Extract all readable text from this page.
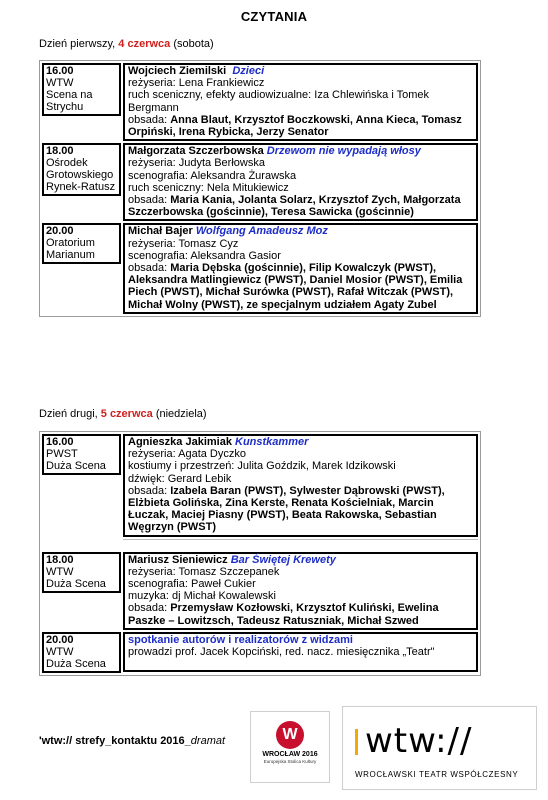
CZYTANIA
Dzień pierwszy, 4 czerwca (sobota)
16.00
WTW
Scena na
Strychu
Wojciech Ziemilski Dzieci
reżyseria: Lena Frankiewicz
ruch sceniczny, efekty audiowizualne: Iza Chlewińska i Tomek Bergmann
obsada: Anna Blaut, Krzysztof Boczkowski, Anna Kieca, Tomasz Orpiński, Irena Rybicka, Jerzy Senator
18.00
Ośrodek
Grotowskiego
Rynek-Ratusz
Małgorzata Szczerbowska Drzewom nie wypadają włosy
reżyseria: Judyta Berłowska
scenografia: Aleksandra Żurawska
ruch sceniczny: Nela Mitukiewicz
obsada: Maria Kania, Jolanta Solarz, Krzysztof Zych, Małgorzata Szczerbowska (gościnnie), Teresa Sawicka (gościnnie)
20.00
Oratorium
Marianum
Michał Bajer Wolfgang Amadeusz Moz
reżyseria: Tomasz Cyz
scenografia: Aleksandra Gasior
obsada: Maria Dębska (gościnnie), Filip Kowalczyk (PWST), Aleksandra Matlingiewicz (PWST), Daniel Mosior (PWST), Emilia Piech (PWST), Michał Surówka (PWST), Rafał Witczak (PWST), Michał Wolny (PWST), ze specjalnym udziałem Agaty Zubel
Dzień drugi, 5 czerwca (niedziela)
16.00
PWST
Duża Scena
Agnieszka Jakimiak Kunstkammer
reżyseria: Agata Dyczko
kostiumy i przestrzeń: Julita Goździk, Marek Idzikowski
dźwięk: Gerard Lebik
obsada: Izabela Baran (PWST), Sylwester Dąbrowski (PWST), Elżbieta Golińska, Zina Kerste, Renata Kościelniak, Marcin Łuczak, Maciej Piasny (PWST), Beata Rakowska, Sebastian Węgrzyn (PWST)
18.00
WTW
Duża Scena
Mariusz Sieniewicz Bar Świętej Krewety
reżyseria: Tomasz Szczepanek
scenografia: Paweł Cukier
muzyka: dj Michał Kowalewski
obsada: Przemysław Kozłowski, Krzysztof Kuliński, Ewelina Paszke – Lowitzsch, Tadeusz Ratuszniak, Michał Szwed
20.00
WTW
Duża Scena
spotkanie autorów i realizatorów z widzami
prowadzi prof. Jacek Kopciński, red. nacz. miesięcznika „Teatr"
'wtw:// strefy_kontaktu 2016_dramat	W
WROCŁAW 2016
Europejska Stolica Kultury
wtw://
WROCŁAWSKI TEATR WSPÓŁCZESNY
